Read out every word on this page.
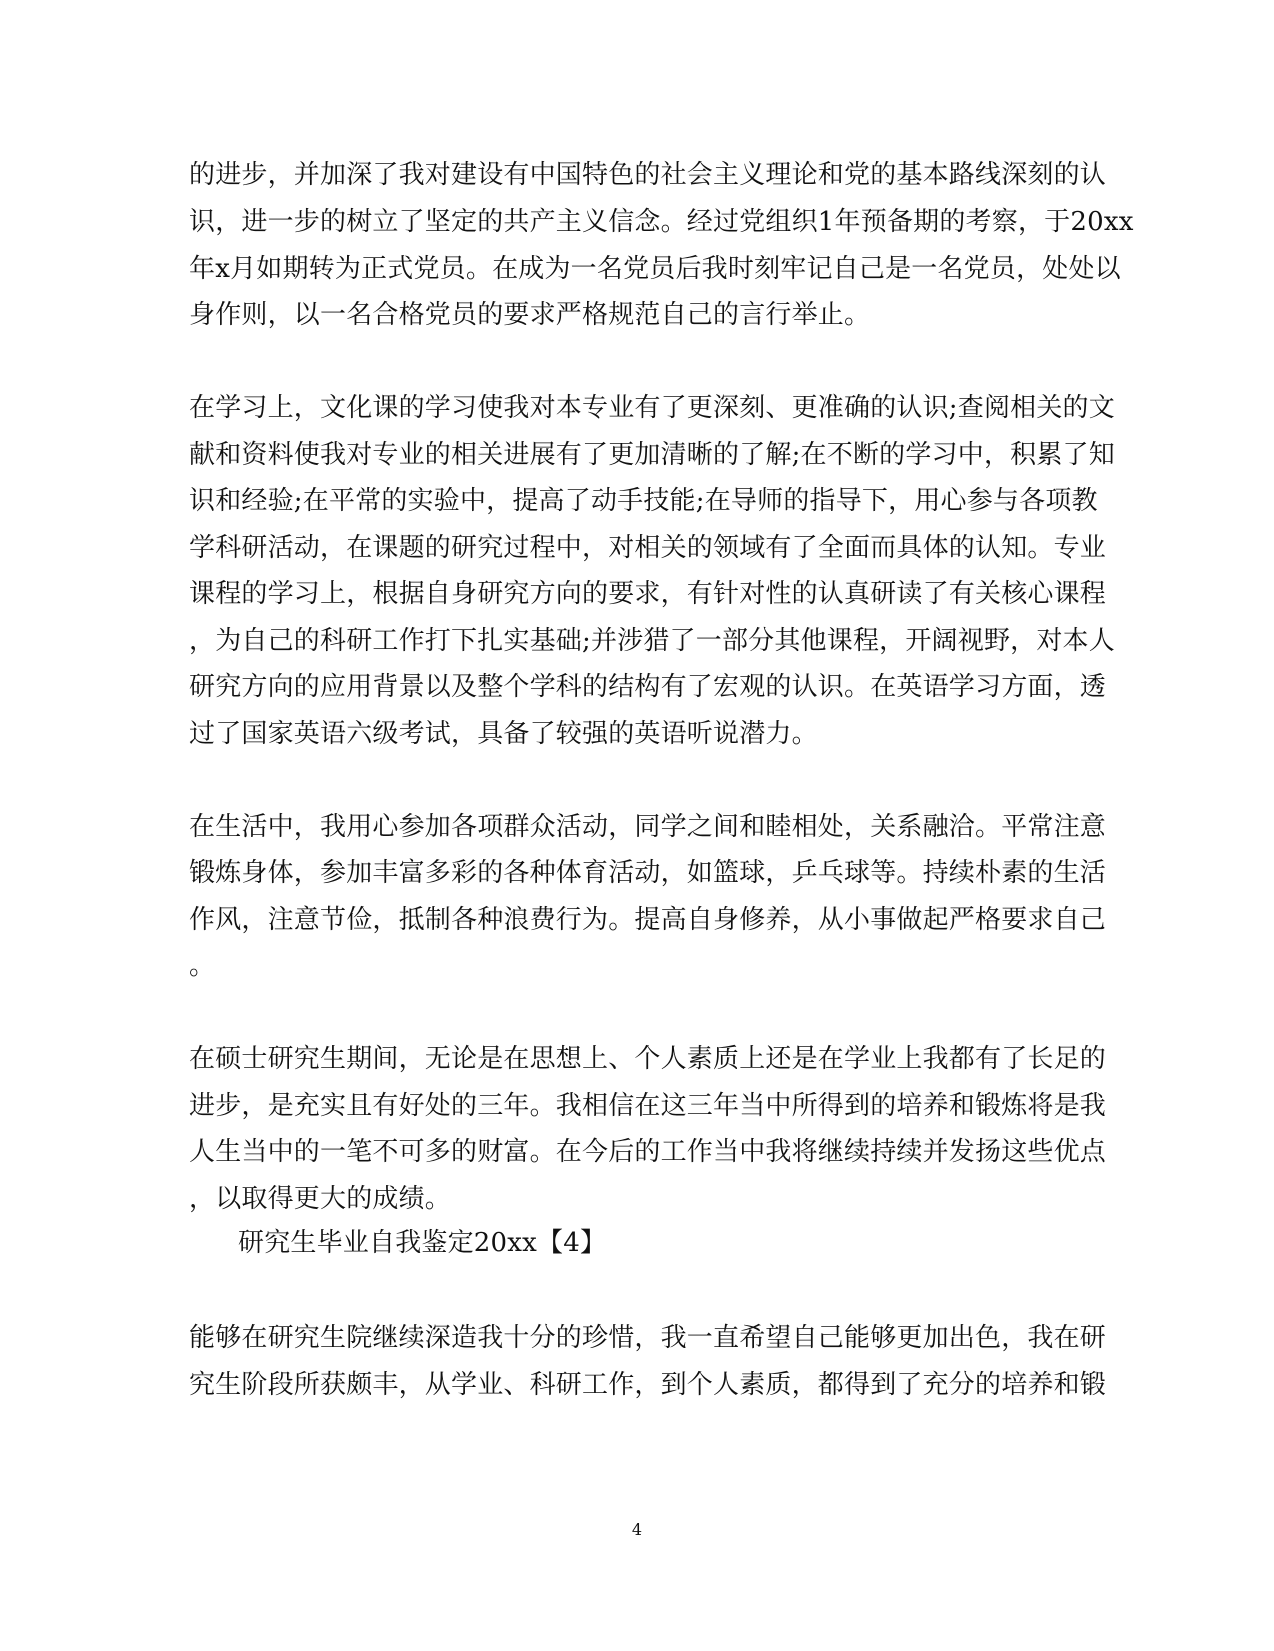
的进步，并加深了我对建设有中国特色的社会主义理论和党的基本路线深刻的认
识，进一步的树立了坚定的共产主义信念。经过党组织1年预备期的考察，于20xx
年x月如期转为正式党员。在成为一名党员后我时刻牢记自己是一名党员，处处以
身作则，以一名合格党员的要求严格规范自己的言行举止。
在学习上，文化课的学习使我对本专业有了更深刻、更准确的认识;查阅相关的文
献和资料使我对专业的相关进展有了更加清晰的了解;在不断的学习中，积累了知
识和经验;在平常的实验中，提高了动手技能;在导师的指导下，用心参与各项教
学科研活动，在课题的研究过程中，对相关的领域有了全面而具体的认知。专业
课程的学习上，根据自身研究方向的要求，有针对性的认真研读了有关核心课程
，为自己的科研工作打下扎实基础;并涉猎了一部分其他课程，开阔视野，对本人
研究方向的应用背景以及整个学科的结构有了宏观的认识。在英语学习方面，透
过了国家英语六级考试，具备了较强的英语听说潜力。
在生活中，我用心参加各项群众活动，同学之间和睦相处，关系融洽。平常注意
锻炼身体，参加丰富多彩的各种体育活动，如篮球，乒乓球等。持续朴素的生活
作风，注意节俭，抵制各种浪费行为。提高自身修养，从小事做起严格要求自己
。
在硕士研究生期间，无论是在思想上、个人素质上还是在学业上我都有了长足的
进步，是充实且有好处的三年。我相信在这三年当中所得到的培养和锻炼将是我
人生当中的一笔不可多的财富。在今后的工作当中我将继续持续并发扬这些优点
，以取得更大的成绩。
研究生毕业自我鉴定20xx【4】
能够在研究生院继续深造我十分的珍惜，我一直希望自己能够更加出色，我在研
究生阶段所获颇丰，从学业、科研工作，到个人素质，都得到了充分的培养和锻
4
